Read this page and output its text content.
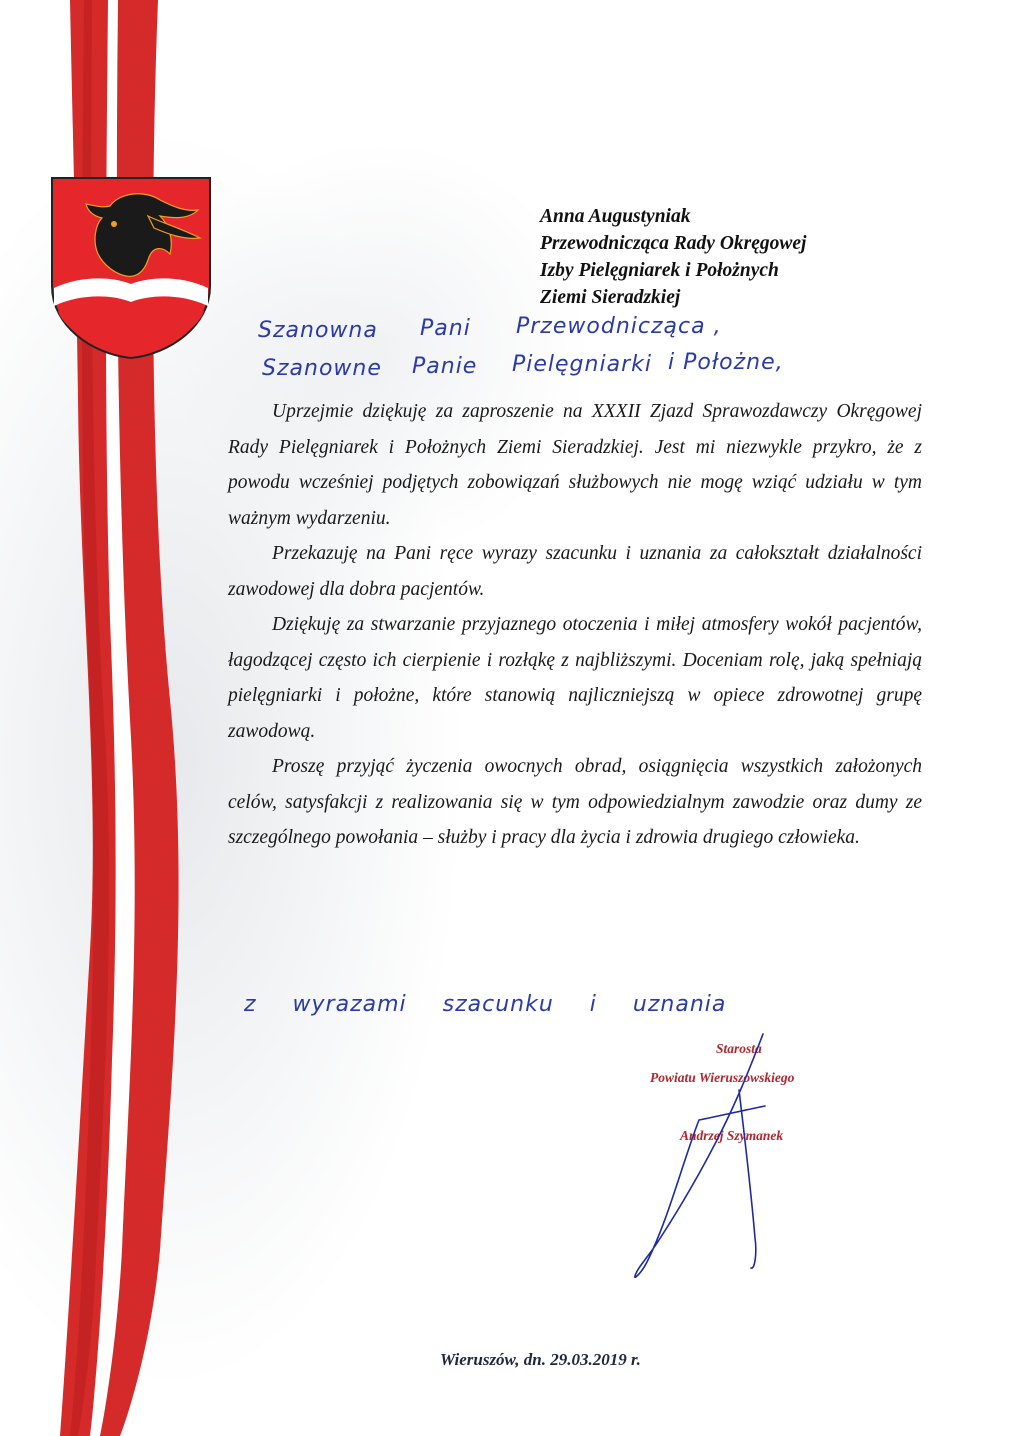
Anna Augustyniak
Przewodnicząca Rady Okręgowej
Izby Pielęgniarek i Położnych
Ziemi Sieradzkiej
Szanowna Pani Przewodnicząca ,
Szanowne Panie Pielęgniarki i Położne,

Uprzejmie dziękuję za zaproszenie na XXXII Zjazd Sprawozdawczy Okręgowej Rady Pielęgniarek i Położnych Ziemi Sieradzkiej. Jest mi niezwykle przykro, że z powodu wcześniej podjętych zobowiązań służbowych nie mogę wziąć udziału w tym ważnym wydarzeniu.

Przekazuję na Pani ręce wyrazy szacunku i uznania za całokształt działalności zawodowej dla dobra pacjentów.

Dziękuję za stwarzanie przyjaznego otoczenia i miłej atmosfery wokół pacjentów, łagodzącej często ich cierpienie i rozłąkę z najbliższymi. Doceniam rolę, jaką spełniają pielęgniarki i położne, które stanowią najliczniejszą w opiece zdrowotnej grupę zawodową.

Proszę przyjąć życzenia owocnych obrad, osiągnięcia wszystkich założonych celów, satysfakcji z realizowania się w tym odpowiedzialnym zawodzie oraz dumy ze szczególnego powołania – służby i pracy dla życia i zdrowia drugiego człowieka.

z wyrazami szacunku i uznania
Starosta
Powiatu Wieruszowskiego
Andrzej Szymanek
Wieruszów, dn. 29.03.2019 r.
